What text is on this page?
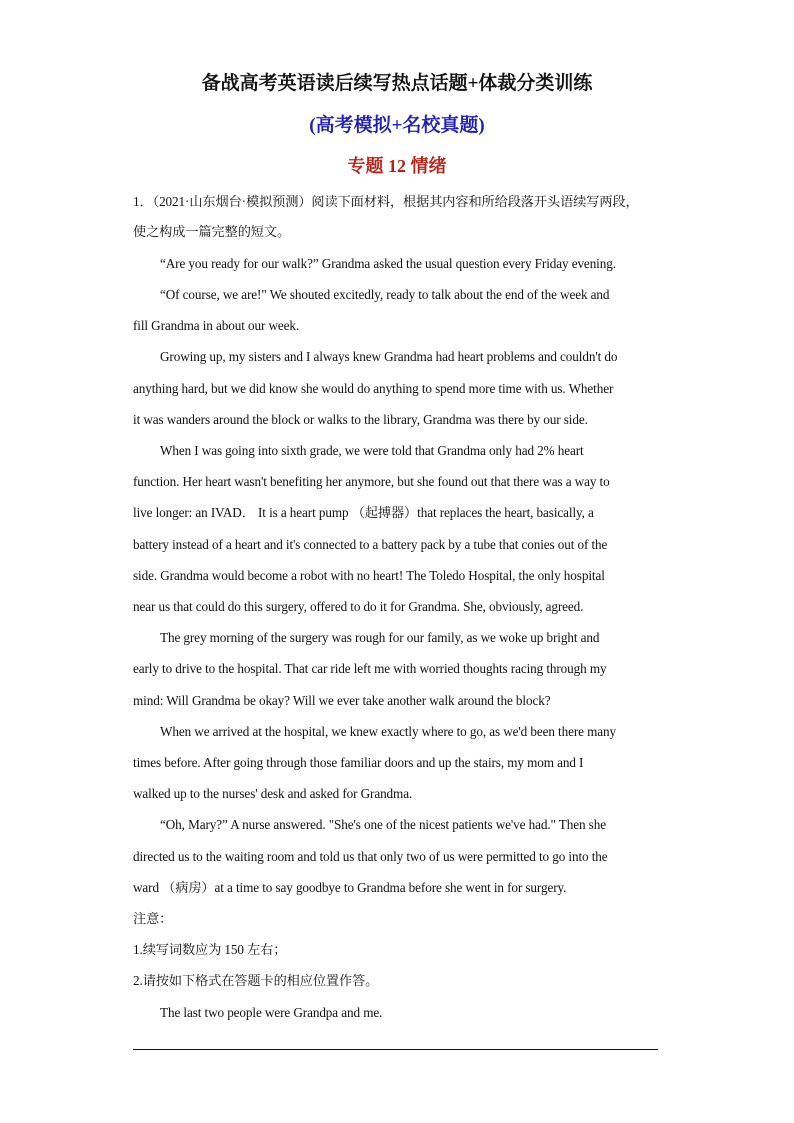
备战高考英语读后续写热点话题+体裁分类训练
(高考模拟+名校真题)
专题 12 情绪
1．（2021·山东烟台·模拟预测）阅读下面材料，根据其内容和所给段落开头语续写两段，
使之构成一篇完整的短文。
“Are you ready for our walk?” Grandma asked the usual question every Friday evening.
“Of course, we are!" We shouted excitedly, ready to talk about the end of the week and
fill Grandma in about our week.
Growing up, my sisters and I always knew Grandma had heart problems and couldn't do
anything hard, but we did know she would do anything to spend more time with us. Whether
it was wanders around the block or walks to the library, Grandma was there by our side.
When I was going into sixth grade, we were told that Grandma only had 2% heart
function. Her heart wasn't benefiting her anymore, but she found out that there was a way to
live longer: an IVAD． It is a heart pump （起搏器）that replaces the heart, basically, a
battery instead of a heart and it's connected to a battery pack by a tube that conies out of the
side. Grandma would become a robot with no heart! The Toledo Hospital, the only hospital
near us that could do this surgery, offered to do it for Grandma. She, obviously, agreed.
The grey morning of the surgery was rough for our family, as we woke up bright and
early to drive to the hospital. That car ride left me with worried thoughts racing through my
mind: Will Grandma be okay? Will we ever take another walk around the block?
When we arrived at the hospital, we knew exactly where to go, as we'd been there many
times before. After going through those familiar doors and up the stairs, my mom and I
walked up to the nurses' desk and asked for Grandma.
“Oh, Mary?” A nurse answered. "She's one of the nicest patients we've had." Then she
directed us to the waiting room and told us that only two of us were permitted to go into the
ward （病房）at a time to say goodbye to Grandma before she went in for surgery.
注意：
1.续写词数应为 150 左右；
2.请按如下格式在答题卡的相应位置作答。
The last two people were Grandpa and me.
